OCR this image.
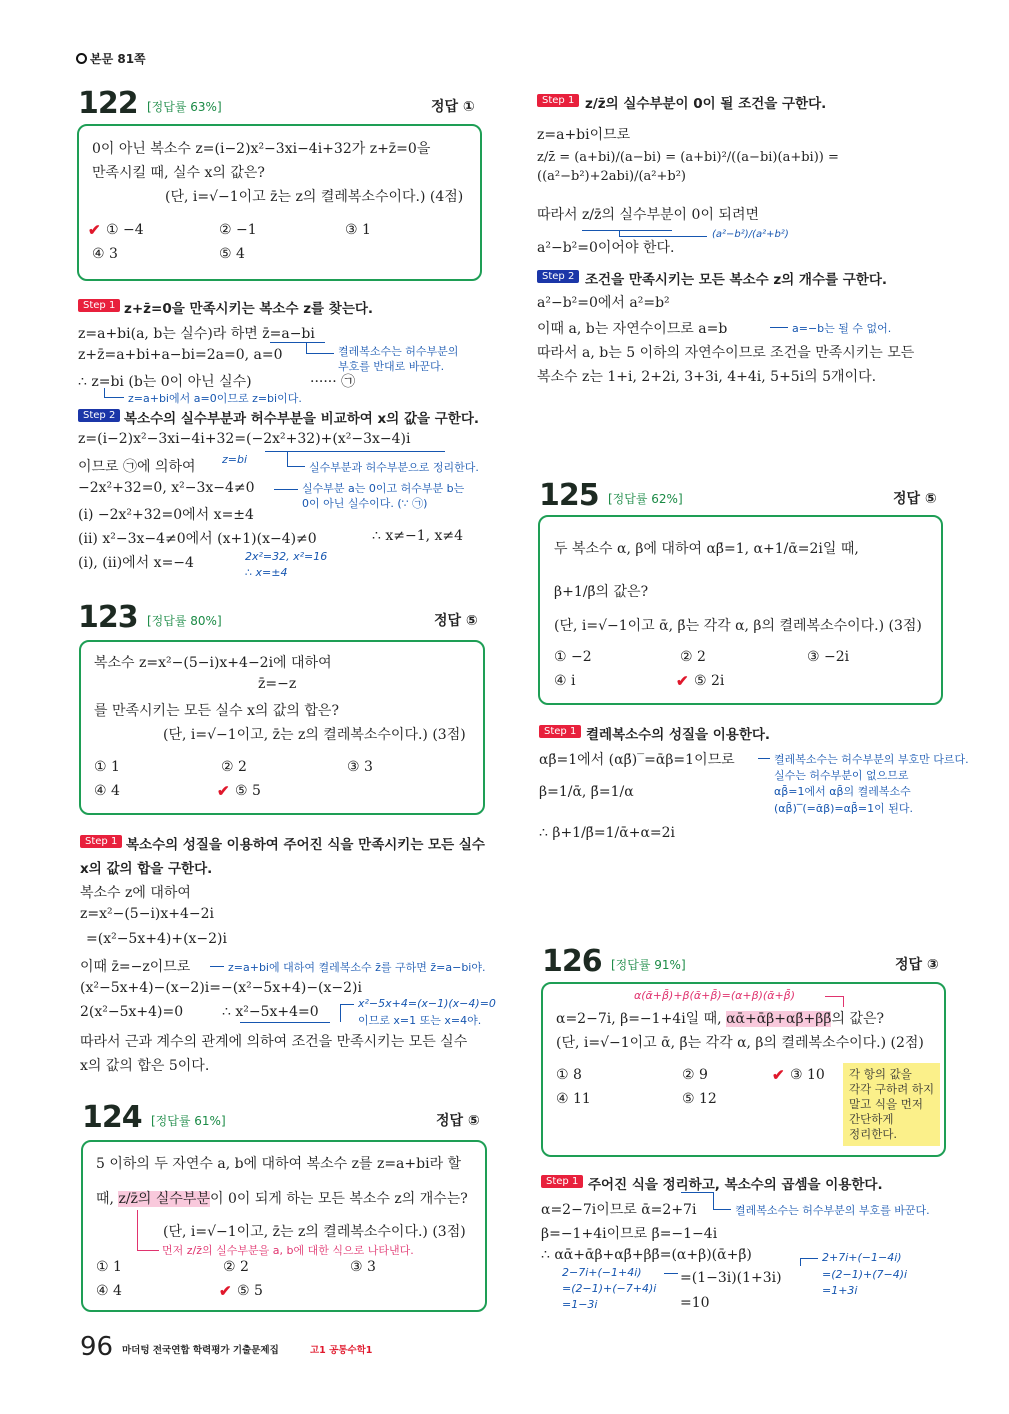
본문 81쪽
122 [정답률 63%]	정답 ①
0이 아닌 복소수 z=(i−2)x²−3xi−4i+32가 z+z̄=0을
만족시킬 때, 실수 x의 값은?
(단, i=√−1이고 z̄는 z의 켤레복소수이다.) (4점)
✔ ① −4	② −1	③ 1
④ 3	⑤ 4
Step 1 z+z̄=0을 만족시키는 복소수 z를 찾는다.
z=a+bi(a, b는 실수)라 하면 z̄=a−bi
z+z̄=a+bi+a−bi=2a=0, a=0
∴ z=bi (b는 0이 아닌 실수)	······ ㉠
켤레복소수는 허수부분의
부호를 반대로 바꾼다.
z=a+bi에서 a=0이므로 z=bi이다.
Step 2 복소수의 실수부분과 허수부분을 비교하여 x의 값을 구한다.
z=(i−2)x²−3xi−4i+32=(−2x²+32)+(x²−3x−4)i
이므로 ㉠에 의하여
−2x²+32=0, x²−3x−4≠0
(i) −2x²+32=0에서 x=±4
(ii) x²−3x−4≠0에서 (x+1)(x−4)≠0	∴ x≠−1, x≠4
(i), (ii)에서 x=−4
z=bi
실수부분과 허수부분으로 정리한다.
실수부분 a는 0이고 허수부분 b는
0이 아닌 실수이다. (∵ ㉠)
2x²=32, x²=16
∴ x=±4
123 [정답률 80%]	정답 ⑤
복소수 z=x²−(5−i)x+4−2i에 대하여
z̄=−z
를 만족시키는 모든 실수 x의 값의 합은?
(단, i=√−1이고, z̄는 z의 켤레복소수이다.) (3점)
① 1	② 2	③ 3
④ 4	✔ ⑤ 5
Step 1 복소수의 성질을 이용하여 주어진 식을 만족시키는 모든 실수
x의 값의 합을 구한다.
복소수 z에 대하여
z=x²−(5−i)x+4−2i
=(x²−5x+4)+(x−2)i
이때 z̄=−z이므로
(x²−5x+4)−(x−2)i=−(x²−5x+4)−(x−2)i
2(x²−5x+4)=0	∴ x²−5x+4=0
따라서 근과 계수의 관계에 의하여 조건을 만족시키는 모든 실수
x의 값의 합은 5이다.
z=a+bi에 대하여 켤레복소수 z̄를 구하면 z̄=a−bi야.
x²−5x+4=(x−1)(x−4)=0
이므로 x=1 또는 x=4야.
124 [정답률 61%]	정답 ⑤
5 이하의 두 자연수 a, b에 대하여 복소수 z를 z=a+bi라 할
때, z/z̄의 실수부분이 0이 되게 하는 모든 복소수 z의 개수는?
(단, i=√−1이고, z̄는 z의 켤레복소수이다.) (3점)
먼저 z/z̄의 실수부분을 a, b에 대한 식으로 나타낸다.
① 1	② 2	③ 3
④ 4	✔ ⑤ 5
Step 1 z/z̄의 실수부분이 0이 될 조건을 구한다.
z=a+bi이므로
z/z̄ = (a+bi)/(a−bi) = (a+bi)²/((a−bi)(a+bi)) = ((a²−b²)+2abi)/(a²+b²)
따라서 z/z̄의 실수부분이 0이 되려면
a²−b²=0이어야 한다.
(a²−b²)/(a²+b²)
Step 2 조건을 만족시키는 모든 복소수 z의 개수를 구한다.
a²−b²=0에서 a²=b²
이때 a, b는 자연수이므로 a=b
따라서 a, b는 5 이하의 자연수이므로 조건을 만족시키는 모든
복소수 z는 1+i, 2+2i, 3+3i, 4+4i, 5+5i의 5개이다.
a=−b는 될 수 없어.
125 [정답률 62%]	정답 ⑤
두 복소수 α, β에 대하여 αβ̄=1, α+1/ᾱ=2i일 때,
β+1/β̄의 값은?
(단, i=√−1이고 ᾱ, β̄는 각각 α, β의 켤레복소수이다.) (3점)
① −2	② 2	③ −2i
④ i	✔ ⑤ 2i
Step 1 켤레복소수의 성질을 이용한다.
αβ̄=1에서 (αβ̄)‾=ᾱβ=1이므로
β=1/ᾱ, β̄=1/α
∴ β+1/β̄=1/ᾱ+α=2i
켤레복소수는 허수부분의 부호만 다르다.
실수는 허수부분이 없으므로
αβ̄=1에서 αβ̄의 켤레복소수
(αβ̄)‾(=ᾱβ)=αβ̄=1이 된다.
126 [정답률 91%]	정답 ③
α(ᾱ+β̄)+β(ᾱ+β̄)=(α+β)(ᾱ+β̄)
α=2−7i, β=−1+4i일 때, αᾱ+ᾱβ+αβ̄+ββ̄의 값은?
(단, i=√−1이고 ᾱ, β̄는 각각 α, β의 켤레복소수이다.) (2점)
① 8	② 9	✔ ③ 10
④ 11	⑤ 12
각 항의 값을
각각 구하려 하지
말고 식을 먼저
간단하게
정리한다.
Step 1 주어진 식을 정리하고, 복소수의 곱셈을 이용한다.
α=2−7i이므로 ᾱ=2+7i
β=−1+4i이므로 β̄=−1−4i
∴ αᾱ+ᾱβ+αβ̄+ββ̄=(α+β)(ᾱ+β̄)
=(1−3i)(1+3i)
=10
켤레복소수는 허수부분의 부호를 바꾼다.
2−7i+(−1+4i)
=(2−1)+(−7+4)i
=1−3i
2+7i+(−1−4i)
=(2−1)+(7−4)i
=1+3i
96 마더텅 전국연합 학력평가 기출문제집	고1 공통수학1
